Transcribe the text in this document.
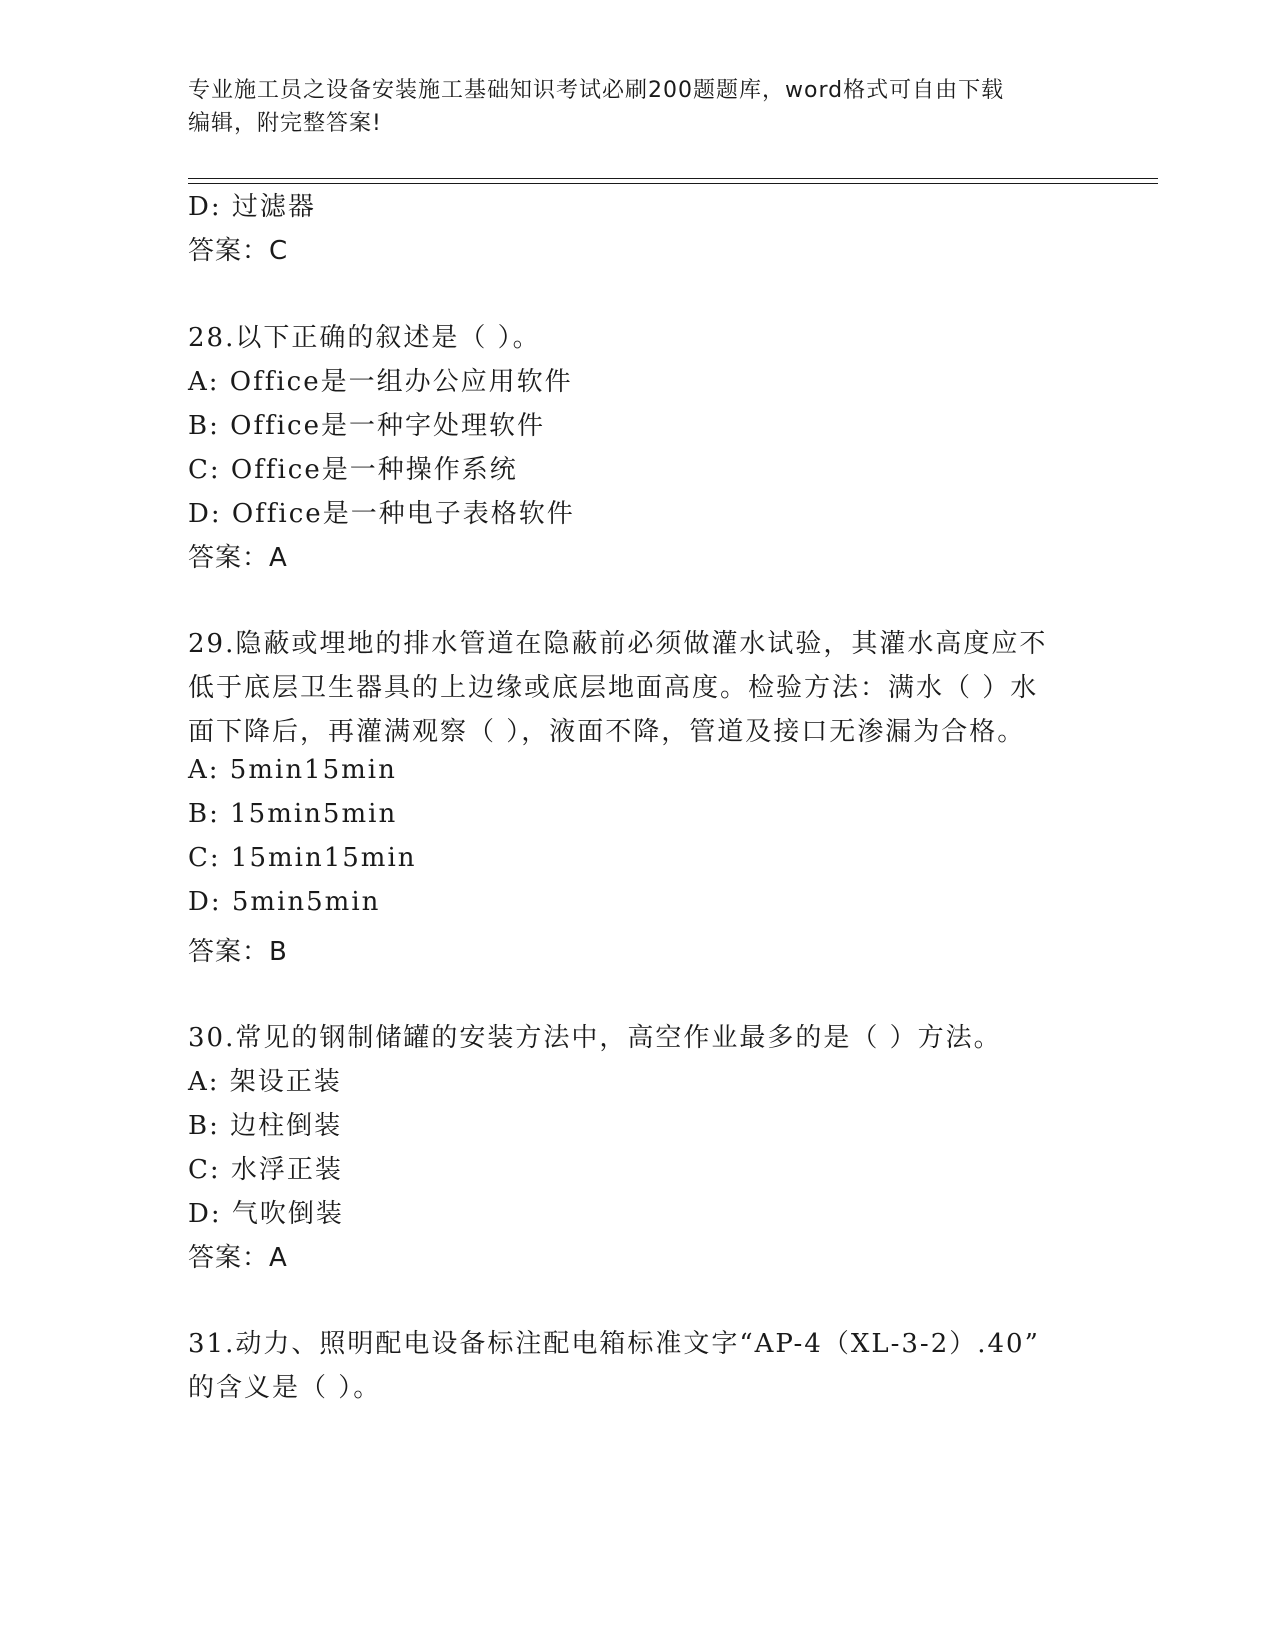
专业施工员之设备安装施工基础知识考试必刷200题题库，word格式可自由下载
编辑，附完整答案!
D: 过滤器
答案：C
28.以下正确的叙述是（ ）。
A: Office是一组办公应用软件
B: Office是一种字处理软件
C: Office是一种操作系统
D: Office是一种电子表格软件
答案：A
29.隐蔽或埋地的排水管道在隐蔽前必须做灌水试验，其灌水高度应不
低于底层卫生器具的上边缘或底层地面高度。检验方法：满水（ ）水
面下降后，再灌满观察（ ），液面不降，管道及接口无渗漏为合格。
A: 5min15min
B: 15min5min
C: 15min15min
D: 5min5min
答案：B
30.常见的钢制储罐的安装方法中，高空作业最多的是（ ）方法。
A: 架设正装
B: 边柱倒装
C: 水浮正装
D: 气吹倒装
答案：A
31.动力、照明配电设备标注配电箱标准文字“AP-4（XL-3-2）.40”
的含义是（ ）。
